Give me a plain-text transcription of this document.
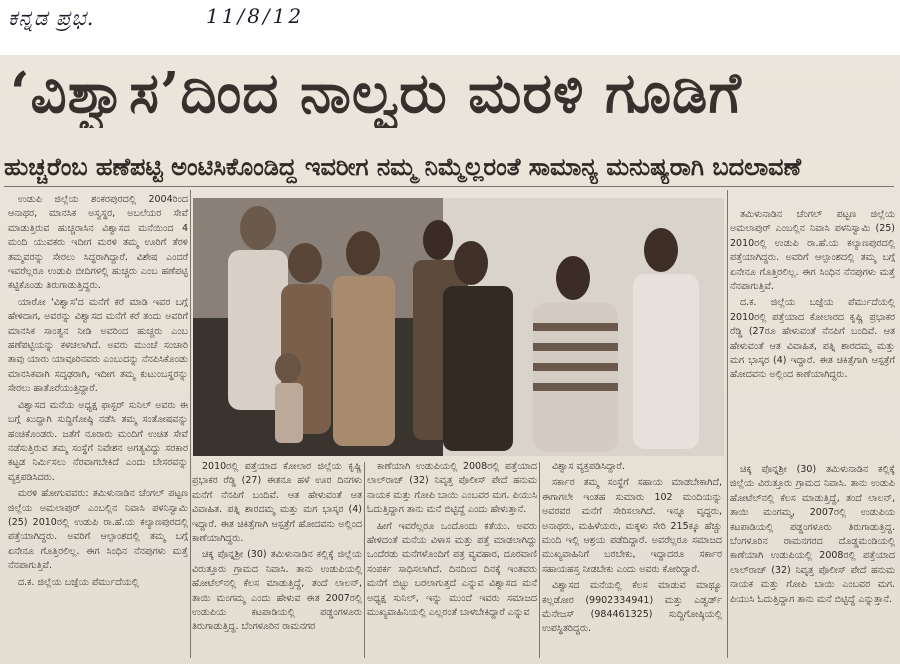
ಕನ್ನಡ ಪ್ರಭ.	11/8/12
‘ವಿಶ್ವಾಸ’ದಿಂದ ನಾಲ್ವರು ಮರಳಿ ಗೂಡಿಗೆ
ಹುಚ್ಚರೆಂಬ ಹಣೆಪಟ್ಟಿ ಅಂಟಿಸಿಕೊಂಡಿದ್ದ ಇವರೀಗ ನಮ್ಮ ನಿಮ್ಮೆಲ್ಲರಂತೆ ಸಾಮಾನ್ಯ ಮನುಷ್ಯರಾಗಿ ಬದಲಾವಣೆ

ಉಡುಪಿ ಜಿಲ್ಲೆಯ ಶಂಕರಪುರದಲ್ಲಿ 2004ರಿಂದ ಆನಾಥರ, ಮಾನಸಿಕ ಅಸ್ವಸ್ಥರ, ಅಬಲೆಯರ ಸೇವೆ ಮಾಡುತ್ತಿರುವ ಹುಚ್ಚರಾಸಿನ ವಿಶ್ವಾಸದ ಮನೆಯಿಂದ 4 ಮಂದಿ ಯುವಕರು ಇದೀಗ ಮರಳಿ ತಮ್ಮ ಊರಿಗೆ ತೆರಳಿ ತಮ್ಮವರನ್ನು ಸೇರಲು ಸಿದ್ಧರಾಗಿದ್ದಾರೆ. ವಿಶೇಷ ಎಂದರೆ ಇವರೆಲ್ಲರೂ ಉಡುಪಿ ಬೀದಿಗಳಲ್ಲಿ ಹುಚ್ಚರು ಎಂಬ ಹಣೆಪಟ್ಟಿ ಕಟ್ಟಿಕೊಂಡು ತಿರುಗಾಡುತ್ತಿದ್ದರು.

ಯಾರೋ 'ವಿಶ್ವಾಸ'ದ ಮನೆಗೆ ಕರೆ ಮಾಡಿ ಇವರ ಬಗ್ಗೆ ಹೇಳಿದಾಗ, ಅವರನ್ನು ವಿಶ್ವಾಸದ ಮನೆಗೆ ಕರೆ ತಂದು ಅವರಿಗೆ ಮಾನಸಿಕ ಸಾಂತ್ವನ ನೀಡಿ ಅವರಿಂದ ಹುಚ್ಚರು ಎಂಬ ಹಣೆಪಟ್ಟಿಯನ್ನು ಕಳಚಲಾಗಿದೆ. ಅವರು ಮುಂಚೆ ಸಂಚಾರಿ ತಾವು ಯಾರು ಯಾವೂರಿನವರು ಎಂಬುದನ್ನು ನೆನಪಿಸಿಕೊಂಡು ಮಾನಸಿಕವಾಗಿ ಸದೃಢರಾಗಿ, ಇದೀಗ ತಮ್ಮ ಕುಟುಂಬಸ್ಥರನ್ನು ಸೇರಲು ಹಾತೊರೆಯುತ್ತಿದ್ದಾರೆ.

ವಿಶ್ವಾಸದ ಮನೆಯ ಅಧ್ಯಕ್ಷ ಫಾಸ್ಟರ್ ಸುನಿಲ್ ಅವರು ಈ ಬಗ್ಗೆ ಖುದ್ದಾಗಿ ಸುದ್ದಿಗೋಷ್ಠಿ ನಡೆಸಿ ತಮ್ಮ ಸಂತೋಷವನ್ನು ಹಂಚಿಕೊಂಡರು. ಜತೆಗೆ ನೂರಾರು ಮಂದಿಗೆ ಉಚಿತ ಸೇವೆ ನಡೆಸುತ್ತಿರುವ ತಮ್ಮ ಸಂಸ್ಥೆಗೆ ನಿವೇಶನ ಅಗತ್ಯವಿದ್ದು ಸರಕಾರ ಕಟ್ಟಡ ನಿರ್ಮಿಸಲು ನೆರವಾಗಬೇಕಿದೆ ಎಂದು ಬೇಸರವನ್ನು ವ್ಯಕ್ತಪಡಿಸಿದರು.

ಮರಳಿ ಹೋಗುವವರು: ತಮಿಳುನಾಡಿನ ಚೆಂಗಲ್ ಪಟ್ಟಣ ಜಿಲ್ಲೆಯ ಅಮಲಾಪುರ್ ಎಂಬಲ್ಲಿನ ನಿವಾಸಿ ಪಳನಿಸ್ವಾಮಿ (25) 2010ರಲ್ಲಿ ಉಡುಪಿ ರಾ.ಹೆ.ಯ ಕಲ್ಯಾಣಪುರದಲ್ಲಿ ಪತ್ತೆಯಾಗಿದ್ದರು. ಅವರಿಗೆ ಆಲ್ಪಾಂಶದಲ್ಲಿ ತಮ್ಮ ಬಗ್ಗೆ ಏನೇನೂ ಗೊತ್ತಿರಲಿಲ್ಲ. ಈಗ ಸಿಂಧಿನ ನೆನಪುಗಳು ಮತ್ತೆ ನೆನಪಾಗುತ್ತಿವೆ.

ದ.ಕ. ಜಿಲ್ಲೆಯ ಬಜ್ಪೆಯ ಪೆರ್ಮುದೆಯಲ್ಲಿ

2010ರಲ್ಲಿ ಪತ್ತೆಯಾದ ಕೋಲಾರ ಜಿಲ್ಲೆಯ ಕೃಷ್ಣಿ ಪ್ರಭಾಕರ ರೆಡ್ಡಿ (27) ಈತನೂ ಹಳೆ ಊರ ದಿನಗಳು ಮನೆಗೆ ನೆನಪಿಗೆ ಬಂದಿವೆ. ಆತ ಹೇಳುವಂತೆ ಆತ ವಿವಾಹಿತ. ಪತ್ನಿ ಶಾರದಮ್ಮ ಮತ್ತು ಮಗ ಭಾಸ್ಕರ (4) ಇದ್ದಾರೆ. ಈತ ಚಿಕಿತ್ಸೆಗಾಗಿ ಆಸ್ಪತ್ರೆಗೆ ಹೋದವನು ಅಲ್ಲಿಂದ ಕಾಣೆಯಾಗಿದ್ದರು.

ಚಿಕ್ಕ ಪೊನ್ನಶ್ರೀ (30) ತಮಿಳುನಾಡಿನ ಕಲ್ಲಿಕ್ಕೆ ಜಿಲ್ಲೆಯ ವಿರುತ್ತೂರು ಗ್ರಾಮದ ನಿವಾಸಿ. ತಾನು ಉಡುಪಿಯಲ್ಲಿ ಹೋಟೆಲ್‌ನಲ್ಲಿ ಕೆಲಸ ಮಾಡುತ್ತಿದ್ದೆ, ತಂದೆ ಲಾಲನ್, ತಾಯಿ ಮಂಗಮ್ಮ ಎಂದು ಹೇಳುವ ಈತ 2007ರಲ್ಲಿ ಉಡುಪಿಯ ಕಟಪಾಡಿಯಲ್ಲಿ ಪಡ್ಡಂಗಳೂರು ತಿರುಗಾಡುತ್ತಿದ್ದ. ಬೆಂಗಳೂರಿನ ರಾಮನಗರ

ಕಾಣೆಯಾಗಿ ಉಡುಪಿಯಲ್ಲಿ 2008ರಲ್ಲಿ ಪತ್ತೆಯಾದ ಲಾಲ್‌ರಾಜ್ (32) ನಿವೃತ್ತ ಪೊಲೀಸ್ ಪೇದೆ ಹನುಮ ನಾಯಕ ಮತ್ತು ಗೋಪಿ ಬಾಯಿ ಎಂಬವರ ಮಗ. ಪಿಯುಸಿ ಓದುತ್ತಿದ್ದಾಗ ತಾನು ಮನೆ ಬಿಟ್ಟಿದ್ದೆ ಎಂದು ಹೇಳುತ್ತಾನೆ.

ಹೀಗೆ ಇವರೆಲ್ಲರೂ ಒಂದೊಂದು ಕತೆಯು. ಅವರು ಹೇಳಿದಂತೆ ಮನೆಯ ವಿಳಾಸ ಮತ್ತು ಪತ್ತೆ ಮಾಡಲಾಗಿದ್ದು ಒಂದೆರಡು ಮನೆಗಳೊಂದಿಗೆ ಪತ್ರ ವ್ಯವಹಾರ, ದೂರವಾಣಿ ಸಂಪರ್ಕ ಸಾಧಿಸಲಾಗಿದೆ. ದಿನದಿಂದ ದಿನಕ್ಕೆ ಇಂತವರು ಮನೆಗೆ ಬಿಟ್ಟು ಬರಲಾಗುತ್ತದೆ ಎನ್ನುವ ವಿಶ್ವಾಸದ ಮನೆ ಅಧ್ಯಕ್ಷ ಸುನಿಲ್, ಇನ್ನು ಮುಂದೆ ಇವರು ಸಮಾಜದ ಮುಖ್ಯವಾಹಿನಿಯಲ್ಲಿ ಎಲ್ಲರಂತೆ ಬಾಳಬೇಕಿದ್ದಾರೆ ಎನ್ನುವ

ವಿಶ್ವಾಸ ವ್ಯಕ್ತಪಡಿಸಿದ್ದಾರೆ.

ಸರ್ಕಾರ ತಮ್ಮ ಸಂಸ್ಥೆಗೆ ಸಹಾಯ ಮಾಡಬೇಕಾಗಿದೆ, ಈಗಾಗಲೇ ಇಂತಹ ಸುಮಾರು 102 ಮಂದಿಯನ್ನು ಅವರವರ ಮನೆಗೆ ಸೇರಿಸಲಾಗಿದೆ. ಇನ್ನೂ ವೃದ್ಧರು, ಅನಾಥರು, ಮಹಿಳೆಯರು, ಮಕ್ಕಳು ಸೇರಿ 215ಕ್ಕೂ ಹೆಚ್ಚು ಮಂದಿ ಇಲ್ಲಿ ಆಶ್ರಯ ಪಡೆದಿದ್ದಾರೆ. ಅವರೆಲ್ಲರೂ ಸಮಾಜದ ಮುಖ್ಯವಾಹಿನಿಗೆ ಬರಬೇಕು, ಇದ್ದಾದರೂ ಸರ್ಕಾರ ಸಹಾಯಹಸ್ತ ನೀಡಬೇಕು ಎಂದು ಅವರು ಕೋರಿದ್ದಾರೆ.

ವಿಶ್ವಾಸದ ಮನೆಯಲ್ಲಿ ಕೆಲಸ ಮಾಡುವ ಮಾಥ್ಯೂ ಕಲ್ಲಡೋರ (9902334941) ಮತ್ತು ಎಡ್ವರ್ಡ್ ಮೆನೇಜಸ್ (984461325) ಸುದ್ದಿಗೋಷ್ಠಿಯಲ್ಲಿ ಉಪಸ್ಥಿತರಿದ್ದರು.

ತಮಿಳುನಾಡಿನ ಚೆಂಗಲ್ ಪಟ್ಟಣ ಜಿಲ್ಲೆಯ ಅಮಲಾಪುರ್ ಎಂಬಲ್ಲಿನ ನಿವಾಸಿ ಪಳನಿಸ್ವಾಮಿ (25) 2010ರಲ್ಲಿ ಉಡುಪಿ ರಾ.ಹೆ.ಯ ಕಲ್ಯಾಣಪುರದಲ್ಲಿ ಪತ್ತೆಯಾಗಿದ್ದರು. ಅವರಿಗೆ ಆಲ್ಪಾಂಶದಲ್ಲಿ ತಮ್ಮ ಬಗ್ಗೆ ಏನೇನೂ ಗೊತ್ತಿರಲಿಲ್ಲ. ಈಗ ಸಿಂಧಿನ ನೆನಪುಗಳು ಮತ್ತೆ ನೆನಪಾಗುತ್ತಿವೆ.

ದ.ಕ. ಜಿಲ್ಲೆಯ ಬಜ್ಪೆಯ ಪೆರ್ಮುದೆಯಲ್ಲಿ 2010ರಲ್ಲಿ ಪತ್ತೆಯಾದ ಕೋಲಾರದ ಕೃಷ್ಣಿ ಪ್ರಭಾಕರ ರೆಡ್ಡಿ (27ರೂ ಹೇಳುವಂತೆ ನೆನಪಿಗೆ ಬಂದಿವೆ. ಆತ ಹೇಳುವಂತೆ ಆತ ವಿವಾಹಿತ, ಪತ್ನಿ ಶಾರದಮ್ಮ ಮತ್ತು ಮಗ ಭಾಸ್ಕರ (4) ಇದ್ದಾರೆ. ಈತ ಚಿಕಿತ್ಸೆಗಾಗಿ ಆಸ್ಪತ್ರೆಗೆ ಹೋದವನು ಅಲ್ಲಿಂದ ಕಾಣೆಯಾಗಿದ್ದರು.

ಚಿಕ್ಕ ಪೊನ್ನಶ್ರೀ (30) ತಮಿಳುನಾಡಿನ ಕಲ್ಲಿಕ್ಕೆ ಜಿಲ್ಲೆಯ ವಿರುತ್ತೂರು ಗ್ರಾಮದ ನಿವಾಸಿ. ತಾನು ಉಡುಪಿ ಹೋಟೆಲ್‌ನಲ್ಲಿ ಕೆಲಸ ಮಾಡುತ್ತಿದ್ದೆ, ತಂದೆ ಲಾಲನ್, ತಾಯಿ ಮಂಗಮ್ಮ, 2007ರಲ್ಲಿ ಉಡುಪಿಯ ಕಟಪಾಡಿಯಲ್ಲಿ ಪಡ್ಡಂಗಳೂರು ತಿರುಗಾಡುತ್ತಿದ್ದ. ಬೆಂಗಳೂರಿನ ರಾಮನಗರದ ದೊಡ್ಡಮಂಡಿಯಲ್ಲಿ ಕಾಣೆಯಾಗಿ ಉಡುಪಿಯಲ್ಲಿ 2008ರಲ್ಲಿ ಪತ್ತೆಯಾದ ಲಾಲ್‌ರಾಜ್ (32) ನಿವೃತ್ತ ಪೊಲೀಸ್ ಪೇದೆ ಹನುಮ ನಾಯಕ ಮತ್ತು ಗೋಪಿ ಬಾಯಿ ಎಂಬವರ ಮಗ. ಪಿಯುಸಿ ಓದುತ್ತಿದ್ದಾಗ ತಾನು ಮನೆ ಬಿಟ್ಟಿದ್ದೆ ಎನ್ನುತ್ತಾನೆ.
